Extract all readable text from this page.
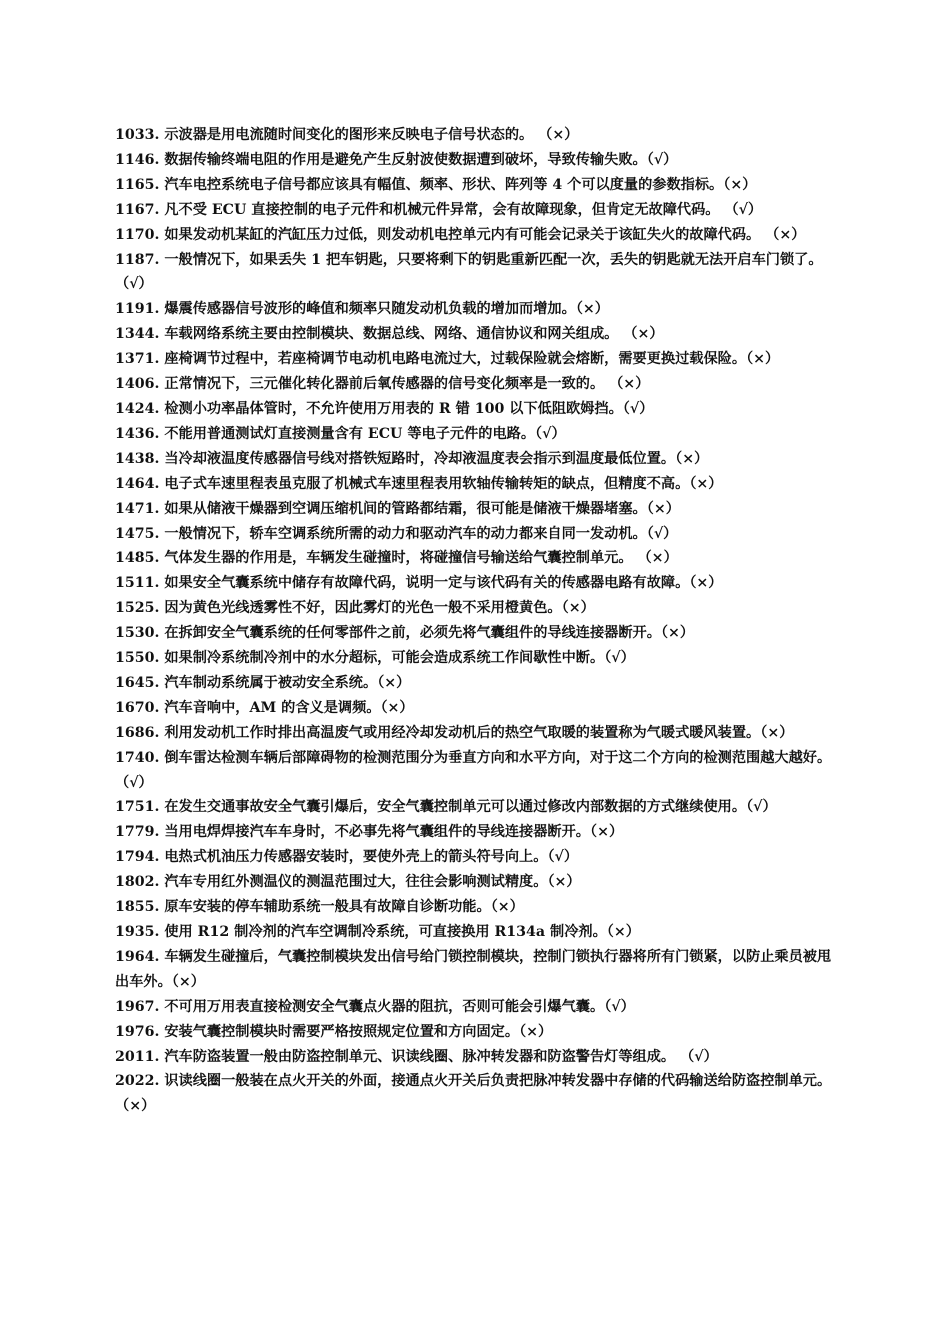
1033. 示波器是用电流随时间变化的图形来反映电子信号状态的。 （×）

1146. 数据传输终端电阻的作用是避免产生反射波使数据遭到破坏，导致传输失败。（√）

1165. 汽车电控系统电子信号都应该具有幅值、频率、形状、阵列等 4 个可以度量的参数指标。（×）

1167. 凡不受 ECU 直接控制的电子元件和机械元件异常，会有故障现象，但肯定无故障代码。 （√）

1170. 如果发动机某缸的汽缸压力过低，则发动机电控单元内有可能会记录关于该缸失火的故障代码。 （×）

1187. 一般情况下，如果丢失 1 把车钥匙，只要将剩下的钥匙重新匹配一次，丢失的钥匙就无法开启车门锁了。（√）

1191. 爆震传感器信号波形的峰值和频率只随发动机负载的增加而增加。（×）

1344. 车载网络系统主要由控制模块、数据总线、网络、通信协议和网关组成。 （×）

1371. 座椅调节过程中，若座椅调节电动机电路电流过大，过载保险就会熔断，需要更换过载保险。（×）

1406. 正常情况下，三元催化转化器前后氧传感器的信号变化频率是一致的。 （×）

1424. 检测小功率晶体管时，不允许使用万用表的 R 错 100 以下低阻欧姆挡。（√）

1436. 不能用普通测试灯直接测量含有 ECU 等电子元件的电路。（√）

1438. 当冷却液温度传感器信号线对搭铁短路时，冷却液温度表会指示到温度最低位置。（×）

1464. 电子式车速里程表虽克服了机械式车速里程表用软轴传输转矩的缺点，但精度不高。（×）

1471. 如果从储液干燥器到空调压缩机间的管路都结霜，很可能是储液干燥器堵塞。（×）

1475. 一般情况下，轿车空调系统所需的动力和驱动汽车的动力都来自同一发动机。（√）

1485. 气体发生器的作用是，车辆发生碰撞时，将碰撞信号输送给气囊控制单元。 （×）

1511. 如果安全气囊系统中储存有故障代码，说明一定与该代码有关的传感器电路有故障。（×）

1525. 因为黄色光线透雾性不好，因此雾灯的光色一般不采用橙黄色。（×）

1530. 在拆卸安全气囊系统的任何零部件之前，必须先将气囊组件的导线连接器断开。（×）

1550. 如果制冷系统制冷剂中的水分超标，可能会造成系统工作间歇性中断。（√）

1645. 汽车制动系统属于被动安全系统。（×）

1670. 汽车音响中，AM 的含义是调频。（×）

1686. 利用发动机工作时排出高温废气或用经冷却发动机后的热空气取暖的装置称为气暖式暖风装置。（×）

1740. 倒车雷达检测车辆后部障碍物的检测范围分为垂直方向和水平方向，对于这二个方向的检测范围越大越好。（√）

1751. 在发生交通事故安全气囊引爆后，安全气囊控制单元可以通过修改内部数据的方式继续使用。（√）

1779. 当用电焊焊接汽车车身时，不必事先将气囊组件的导线连接器断开。（×）

1794. 电热式机油压力传感器安装时，要使外壳上的箭头符号向上。（√）

1802. 汽车专用红外测温仪的测温范围过大，往往会影响测试精度。（×）

1855. 原车安装的停车辅助系统一般具有故障自诊断功能。（×）

1935. 使用 R12 制冷剂的汽车空调制冷系统，可直接换用 R134a 制冷剂。（×）

1964. 车辆发生碰撞后，气囊控制模块发出信号给门锁控制模块，控制门锁执行器将所有门锁紧，以防止乘员被甩出车外。（×）

1967. 不可用万用表直接检测安全气囊点火器的阻抗，否则可能会引爆气囊。（√）

1976. 安装气囊控制模块时需要严格按照规定位置和方向固定。（×）

2011. 汽车防盗装置一般由防盗控制单元、识读线圈、脉冲转发器和防盗警告灯等组成。 （√）

2022. 识读线圈一般装在点火开关的外面，接通点火开关后负责把脉冲转发器中存储的代码输送给防盗控制单元。（×）
